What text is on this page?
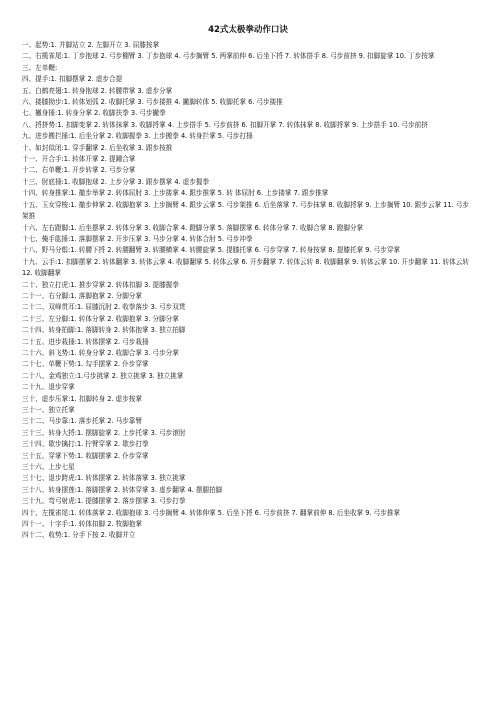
42式太极拳动作口诀
一、起势:1. 并脚站立 2. 左脚开立 3. 屈膝按掌
二、右揽雀尾:1. 丁步抱球 2. 弓步棚臂 3. 丁步抱球 4. 弓步搁臂 5. 两掌前伸 6. 后坐下捋 7. 转体搭手 8. 弓步前挤 9. 扣脚旋掌 10. 丁步按掌
三、左单鞭:
四、提手:1. 扣脚摆掌 2. 虚步合提
五、白鹤亮翅:1. 转身抱球 2. 转腰带掌 3. 虚步分掌
六、搂膝拗步:1. 转体划弧 2. 收脚托掌 3. 弓步搂推 4. 撇脚转体 5. 收脚托掌 6. 弓步搂推
七、撇身捶:1. 转身分掌 2. 收脚扶拳 3. 弓步撇拳
八、捋挤势:1. 扣脚变掌 2. 转体抹掌 3. 收脚捋掌 4. 上步搭手 5. 弓步前挤 6. 扣脚开掌 7. 转体抹掌 8. 收脚捋掌 9. 上步搭手 10. 弓步前挤
九、进步搬拦捶:1. 后坐分掌 2. 收脚握拳 3. 上步搬拳 4. 转身拦掌 5. 弓步打捶
十、如封似闭:1. 穿手翻掌 2. 后坐收掌 3. 跟步按推
十一、开合手:1. 转体开掌 2. 提踵合掌
十二、右单鞭:1. 开步转掌 2. 弓步分掌
十三、肘底捶:1. 收脚抱球 2. 上步分掌 3. 跟步摆掌 4. 虚步握拳
十四、转身推掌:1. 撤步举掌 2. 转体屈肘 3. 上步搂掌 4. 跟步推掌 5. 转 体屈肘 6. 上步搂掌 7. 跟步推掌
十五、玉女穿梭:1. 撤步伸掌 2. 收脚抱掌 3. 上步搁臂 4. 跟步云掌 5. 弓步架推 6. 后坐落掌 7. 弓步抹掌 8. 收脚捋掌 9. 上步搁臂 10. 跟步云掌 11. 弓步架推
十六、左右蹬脚:1. 后坐摆掌 2. 转体分掌 3. 收脚合掌 4. 蹬脚分掌 5. 落脚摆掌 6. 转体分掌 7. 收脚合掌 8. 蹬脚分掌
十七、掩手肱捶:1. 落脚摆掌 2. 开步压掌 3. 马步分掌 4. 转体合肘 5. 弓步冲拳
十八、野马分鬃:1. 转腰下捋 2. 转腰翻臂 3. 转腰横掌 4. 转腰旋掌 5. 提膝托掌 6. 弓步穿掌 7. 转身按掌 8. 提膝托掌 9. 弓步穿掌
十九、云手:1. 扣脚摆掌 2. 转体翻掌 3. 转体云掌 4. 收脚翻掌 5. 转体云掌 6. 开步翻掌 7. 转体云转 8. 收脚翻掌 9. 转体云掌 10. 开步翻掌 11. 转体云转 12. 收脚翻掌
二十、独立打虎:1. 推步穿掌 2. 转体扣脚 3. 提膝握拳
二十一、右分脚:1. 落脚抱掌 2. 分脚分掌
二十二、双峰贯耳:1. 屈膝沉肘 2. 收拳落步 3. 弓步双贯
二十三、左分脚:1. 转体分掌 2. 收脚抱掌 3. 分脚分掌
二十四、转身拍脚:1. 落脚转身 2. 转体抱掌 3. 独立拍脚
二十五、进步栽捶:1. 转体摆掌 2. 弓步栽捶
二十六、斜飞势:1. 转身分掌 2. 收脚合掌 3. 弓步分掌
二十七、单鞭下势:1. 勾手摆掌 2. 仆步穿掌
二十八、金鸡独立:1.弓步挑掌 2. 独立挑掌 3. 独立挑掌
二十九、退步穿掌
三十、虚步压掌:1. 扣脚转身 2. 虚步按掌
三十一、独立托掌
三十二、马步靠:1. 落步托掌 2. 马步靠臂
三十三、转身大捋:1. 摆脚旋掌 2. 上步托掌 3. 弓步滚肘
三十四、歇步擒打:1. 拧臂穿掌 2. 歇步打拳
三十五、穿掌下势:1. 收脚摆掌 2. 仆步穿掌
三十六、上步七星
三十七、退步跨虎:1. 转体摆掌 2. 转体落掌 3. 独立挑掌
三十八、转身摆莲:1. 落脚摆掌 2. 转体穿掌 3. 虚步翻掌 4. 摆腿拍脚
三十九、弯弓射虎:1. 提膝摆掌 2. 落步摆掌 3. 弓步打拳
四十、左揽雀尾:1. 转体落掌 2. 收脚抱球 3. 弓步搁臂 4. 转体伸掌 5. 后坐下捋 6. 弓步前挤 7. 翻掌前伸 8. 后坐收掌 9. 弓步推掌
四十一、十字手:1. 转体扣脚 2. 牧脚抱掌
四十二、收势:1. 分手下按 2. 收脚并立
